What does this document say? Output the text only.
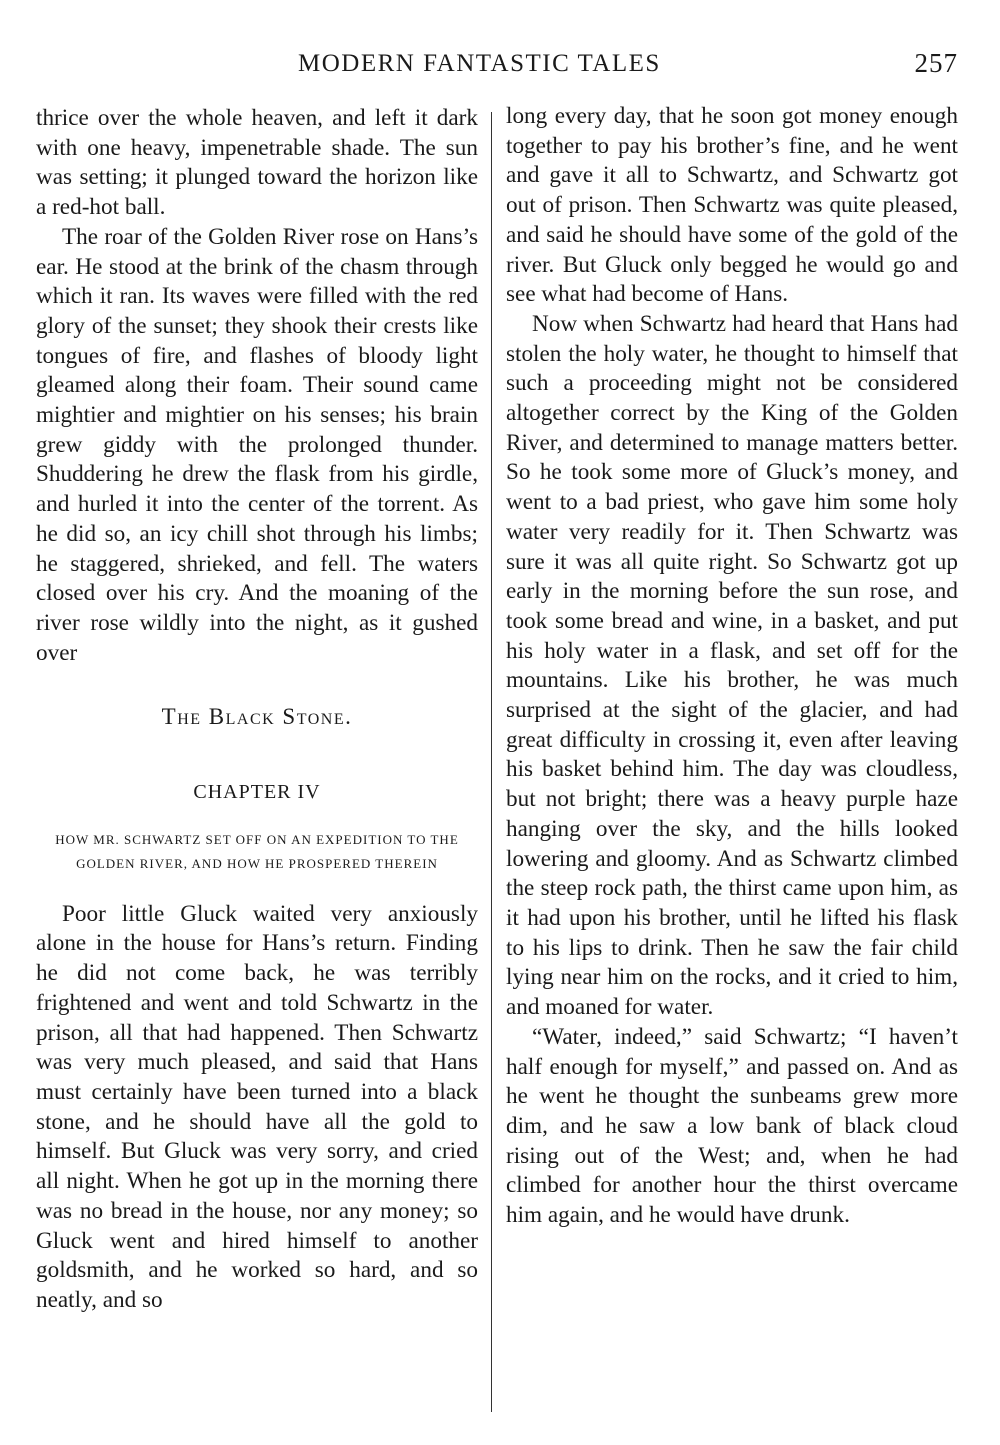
MODERN FANTASTIC TALES	257

thrice over the whole heaven, and left it dark with one heavy, impenetrable shade. The sun was setting; it plunged toward the horizon like a red-hot ball.

The roar of the Golden River rose on Hans’s ear. He stood at the brink of the chasm through which it ran. Its waves were filled with the red glory of the sunset; they shook their crests like tongues of fire, and flashes of bloody light gleamed along their foam. Their sound came mightier and mightier on his senses; his brain grew giddy with the prolonged thunder. Shuddering he drew the flask from his girdle, and hurled it into the center of the torrent. As he did so, an icy chill shot through his limbs; he staggered, shrieked, and fell. The waters closed over his cry. And the moaning of the river rose wildly into the night, as it gushed over

The Black Stone.
CHAPTER IV
HOW MR. SCHWARTZ SET OFF ON AN EXPEDITION TO THE GOLDEN RIVER, AND HOW HE PROSPERED THEREIN

Poor little Gluck waited very anxiously alone in the house for Hans’s return. Finding he did not come back, he was terribly frightened and went and told Schwartz in the prison, all that had happened. Then Schwartz was very much pleased, and said that Hans must certainly have been turned into a black stone, and he should have all the gold to himself. But Gluck was very sorry, and cried all night. When he got up in the morning there was no bread in the house, nor any money; so Gluck went and hired himself to another goldsmith, and he worked so hard, and so neatly, and so

long every day, that he soon got money enough together to pay his brother’s fine, and he went and gave it all to Schwartz, and Schwartz got out of prison. Then Schwartz was quite pleased, and said he should have some of the gold of the river. But Gluck only begged he would go and see what had become of Hans.

Now when Schwartz had heard that Hans had stolen the holy water, he thought to himself that such a proceeding might not be considered altogether correct by the King of the Golden River, and determined to manage matters better. So he took some more of Gluck’s money, and went to a bad priest, who gave him some holy water very readily for it. Then Schwartz was sure it was all quite right. So Schwartz got up early in the morning before the sun rose, and took some bread and wine, in a basket, and put his holy water in a flask, and set off for the mountains. Like his brother, he was much surprised at the sight of the glacier, and had great difficulty in crossing it, even after leaving his basket behind him. The day was cloudless, but not bright; there was a heavy purple haze hanging over the sky, and the hills looked lowering and gloomy. And as Schwartz climbed the steep rock path, the thirst came upon him, as it had upon his brother, until he lifted his flask to his lips to drink. Then he saw the fair child lying near him on the rocks, and it cried to him, and moaned for water.

“Water, indeed,” said Schwartz; “I haven’t half enough for myself,” and passed on. And as he went he thought the sunbeams grew more dim, and he saw a low bank of black cloud rising out of the West; and, when he had climbed for another hour the thirst overcame him again, and he would have drunk.
